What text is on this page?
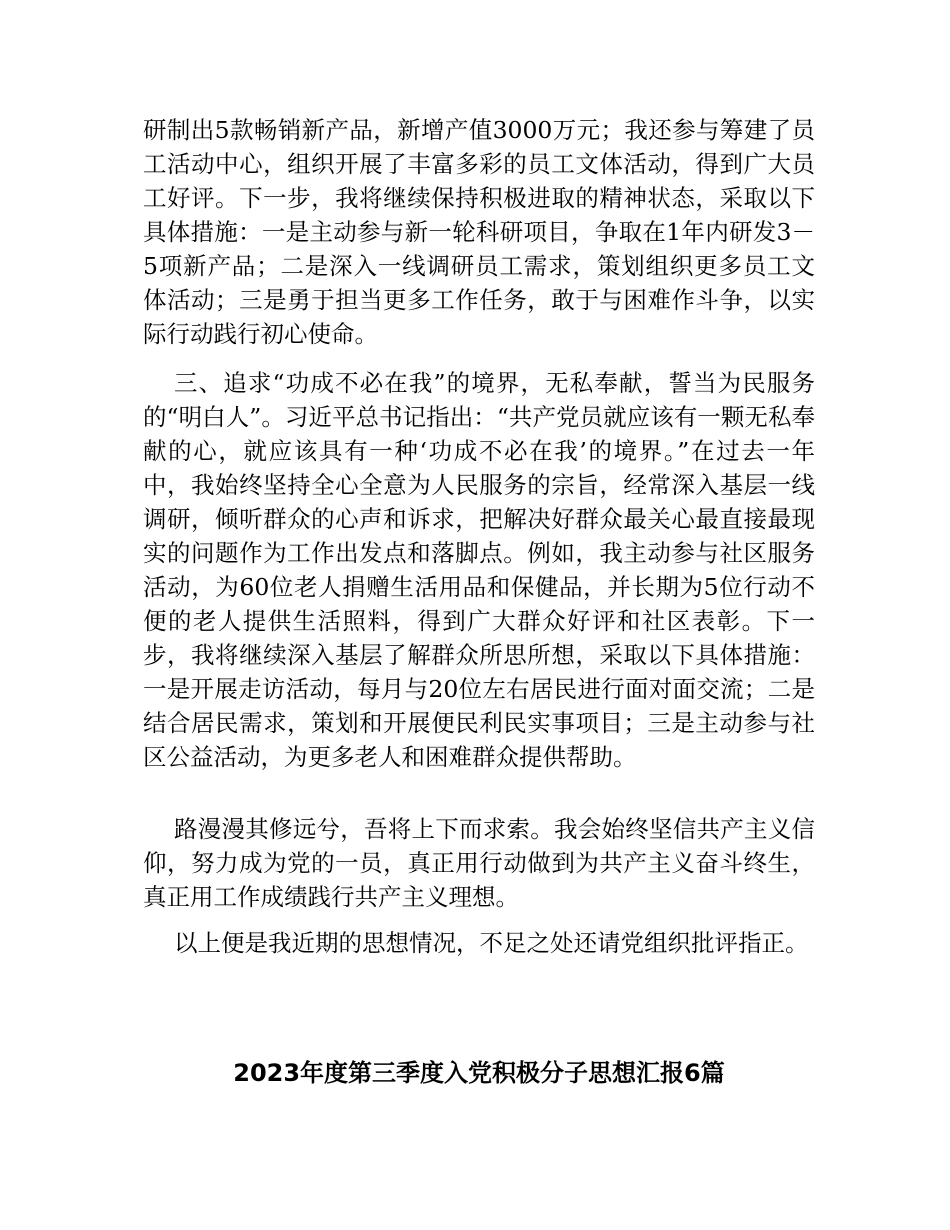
研制出5款畅销新产品，新增产值3000万元；我还参与筹建了员工活动中心，组织开展了丰富多彩的员工文体活动，得到广大员工好评。下一步，我将继续保持积极进取的精神状态，采取以下具体措施：一是主动参与新一轮科研项目，争取在1年内研发3－5项新产品；二是深入一线调研员工需求，策划组织更多员工文体活动；三是勇于担当更多工作任务，敢于与困难作斗争，以实际行动践行初心使命。

三、追求“功成不必在我”的境界，无私奉献，誓当为民服务的“明白人”。习近平总书记指出：“共产党员就应该有一颗无私奉献的心，就应该具有一种‘功成不必在我’的境界。”在过去一年中，我始终坚持全心全意为人民服务的宗旨，经常深入基层一线调研，倾听群众的心声和诉求，把解决好群众最关心最直接最现实的问题作为工作出发点和落脚点。例如，我主动参与社区服务活动，为60位老人捐赠生活用品和保健品，并长期为5位行动不便的老人提供生活照料，得到广大群众好评和社区表彰。下一步，我将继续深入基层了解群众所思所想，采取以下具体措施：一是开展走访活动，每月与20位左右居民进行面对面交流；二是结合居民需求，策划和开展便民利民实事项目；三是主动参与社区公益活动，为更多老人和困难群众提供帮助。

路漫漫其修远兮，吾将上下而求索。我会始终坚信共产主义信仰，努力成为党的一员，真正用行动做到为共产主义奋斗终生，真正用工作成绩践行共产主义理想。

以上便是我近期的思想情况，不足之处还请党组织批评指正。

2023年度第三季度入党积极分子思想汇报6篇
